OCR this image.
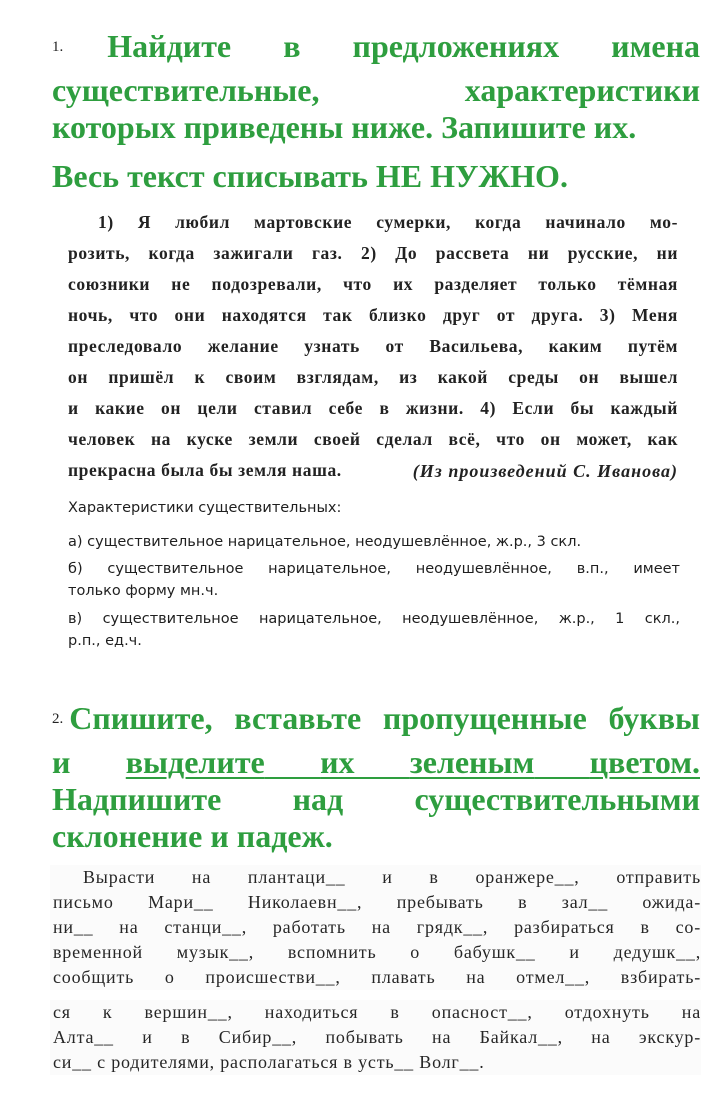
1. Найдите в предложениях имена
существительные,	характеристики
которых приведены ниже. Запишите их.
Весь текст списывать НЕ НУЖНО.
1) Я любил мартовские сумерки, когда начинало мо-
розить, когда зажигали газ. 2) До рассвета ни русские, ни
союзники не подозревали, что их разделяет только тёмная
ночь, что они находятся так близко друг от друга. 3) Меня
преследовало желание узнать от Васильева, каким путём
он пришёл к своим взглядам, из какой среды он вышел
и какие он цели ставил себе в жизни. 4) Если бы каждый
человек на куске земли своей сделал всё, что он может, как
прекрасна была бы земля наша.	(Из произведений С. Иванова)

Характеристики существительных:

а) существительное нарицательное, неодушевлённое, ж.р., 3 скл.

б) существительное нарицательное, неодушевлённое, в.п., имеет

только форму мн.ч.

в) существительное нарицательное, неодушевлённое, ж.р., 1 скл.,

р.п., ед.ч.

2. Спишите, вставьте пропущенные буквы
и выделите их зеленым цветом.
Надпишите над существительными
склонение и падеж.
Вырасти на плантаци__ и в оранжере__, отправить
письмо Мари__ Николаевн__, пребывать в зал__ ожида-
ни__ на станци__, работать на грядк__, разбираться в со-
временной музык__, вспомнить о бабушк__ и дедушк__,
сообщить о происшестви__, плавать на отмел__, взбирать-
ся к вершин__, находиться в опасност__, отдохнуть на
Алта__ и в Сибир__, побывать на Байкал__, на экскур-
си__ с родителями, располагаться в усть__ Волг__.
